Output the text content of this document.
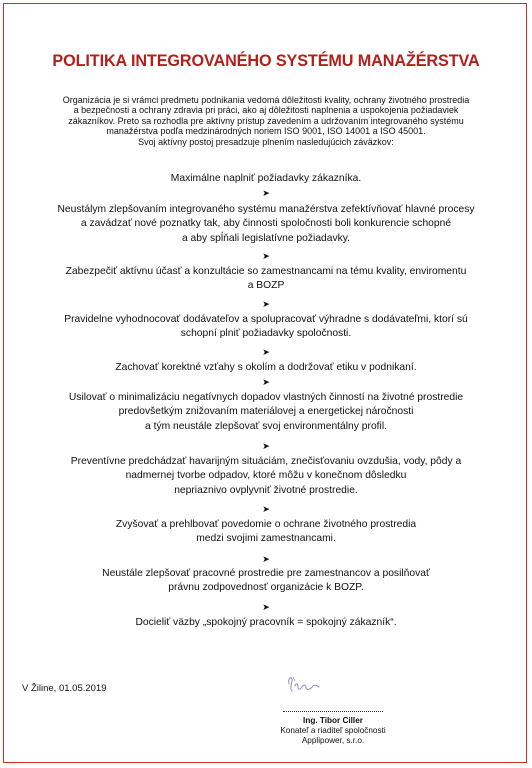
POLITIKA INTEGROVANÉHO SYSTÉMU MANAŽÉRSTVA
Organizácia je si vrámci predmetu podnikania vedomá dôležitosti kvality, ochrany životného prostredia
a bezpečnosti a ochrany zdravia pri práci, ako aj dôležitosti naplnenia a uspokojenia požiadaviek
zákazníkov. Preto sa rozhodla pre aktívny prístup zavedením a udržovaním integrovaného systému
manažérstva podľa medzinárodných noriem ISO 9001, ISO 14001 a ISO 45001.
Svoj aktívny postoj presadzuje plnením nasledujúcich záväzkov:
Maximálne naplniť požiadavky zákazníka.
➤
Neustálym zlepšovaním integrovaného systému manažérstva zefektívňovať hlavné procesy
a zavádzať nové poznatky tak, aby činnosti spoločnosti boli konkurencie schopné
a aby spĺňali legislatívne požiadavky.
➤
Zabezpečiť aktívnu účasť a konzultácie so zamestnancami na tému kvality, enviromentu
a BOZP
➤
Pravidelne vyhodnocovať dodávateľov a spolupracovať výhradne s dodávateľmi, ktorí sú
schopní plniť požiadavky spoločnosti.
➤
Zachovať korektné vzťahy s okolím a dodržovať etiku v podnikaní.
➤
Usilovať o minimalizáciu negatívnych dopadov vlastných činností na životné prostredie
predovšetkým znižovaním materiálovej a energetickej náročnosti
a tým neustále zlepšovať svoj environmentálny profil.
➤
Preventívne predchádzať havarijným situáciám, znečisťovaniu ovzdušia, vody, pôdy a
nadmernej tvorbe odpadov, ktoré môžu v konečnom dôsledku
nepriaznivo ovplyvniť životné prostredie.
➤
Zvyšovať a prehlbovať povedomie o ochrane životného prostredia
medzi svojimi zamestnancami.
➤
Neustále zlepšovať pracovné prostredie pre zamestnancov a posilňovať
právnu zodpovednosť organizácie k BOZP.
➤
Docieliť väzby „spokojný pracovník = spokojný zákazník“.
V Žiline, 01.05.2019
Ing. Tibor Ciller
Konateľ a riaditeľ spoločnosti
Applipower, s.r.o.
